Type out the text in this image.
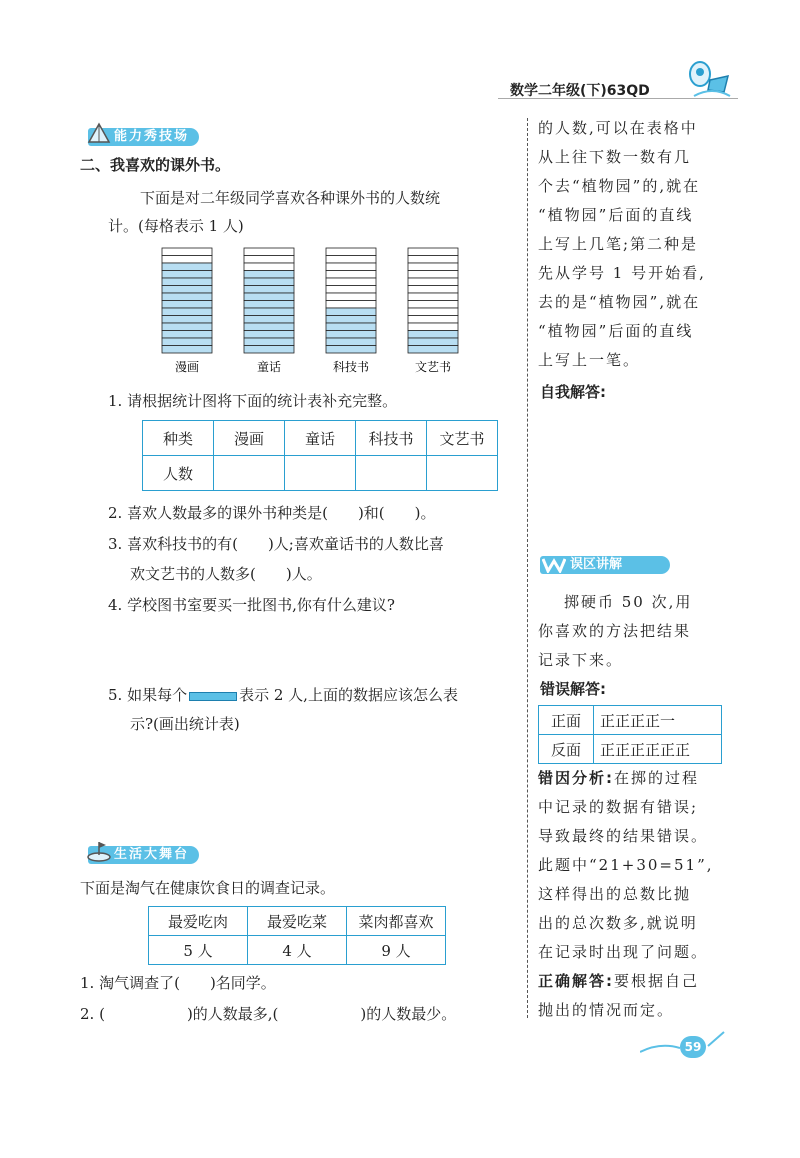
数学二年级(下)63QD
能力秀技场
二、我喜欢的课外书。
下面是对二年级同学喜欢各种课外书的人数统
计。(每格表示 1 人)
漫画	童话	科技书	文艺书
1. 请根据统计图将下面的统计表补充完整。
种类	漫画	童话	科技书	文艺书
人数				
2. 喜欢人数最多的课外书种类是( )和( )。
3. 喜欢科技书的有( )人;喜欢童话书的人数比喜
欢文艺书的人数多( )人。
4. 学校图书室要买一批图书,你有什么建议?
5. 如果每个	表示 2 人,上面的数据应该怎么表
示?(画出统计表)
生活大舞台
下面是淘气在健康饮食日的调查记录。
最爱吃肉	最爱吃菜	菜肉都喜欢
5 人	4 人	9 人
1. 淘气调查了( )名同学。
2. (	)的人数最多,(	)的人数最少。
的人数,可以在表格中
从上往下数一数有几
个去“植物园”的,就在
“植物园”后面的直线
上写上几笔;第二种是
先从学号 1 号开始看,
去的是“植物园”,就在
“植物园”后面的直线
上写上一笔。
自我解答:
误区讲解
掷硬币 50 次,用
你喜欢的方法把结果
记录下来。
错误解答:
正面	正正正正一
反面	正正正正正正
错因分析:在掷的过程
中记录的数据有错误;
导致最终的结果错误。
此题中“21+30=51”,
这样得出的总数比抛
出的总次数多,就说明
在记录时出现了问题。
正确解答:要根据自己
抛出的情况而定。
59
